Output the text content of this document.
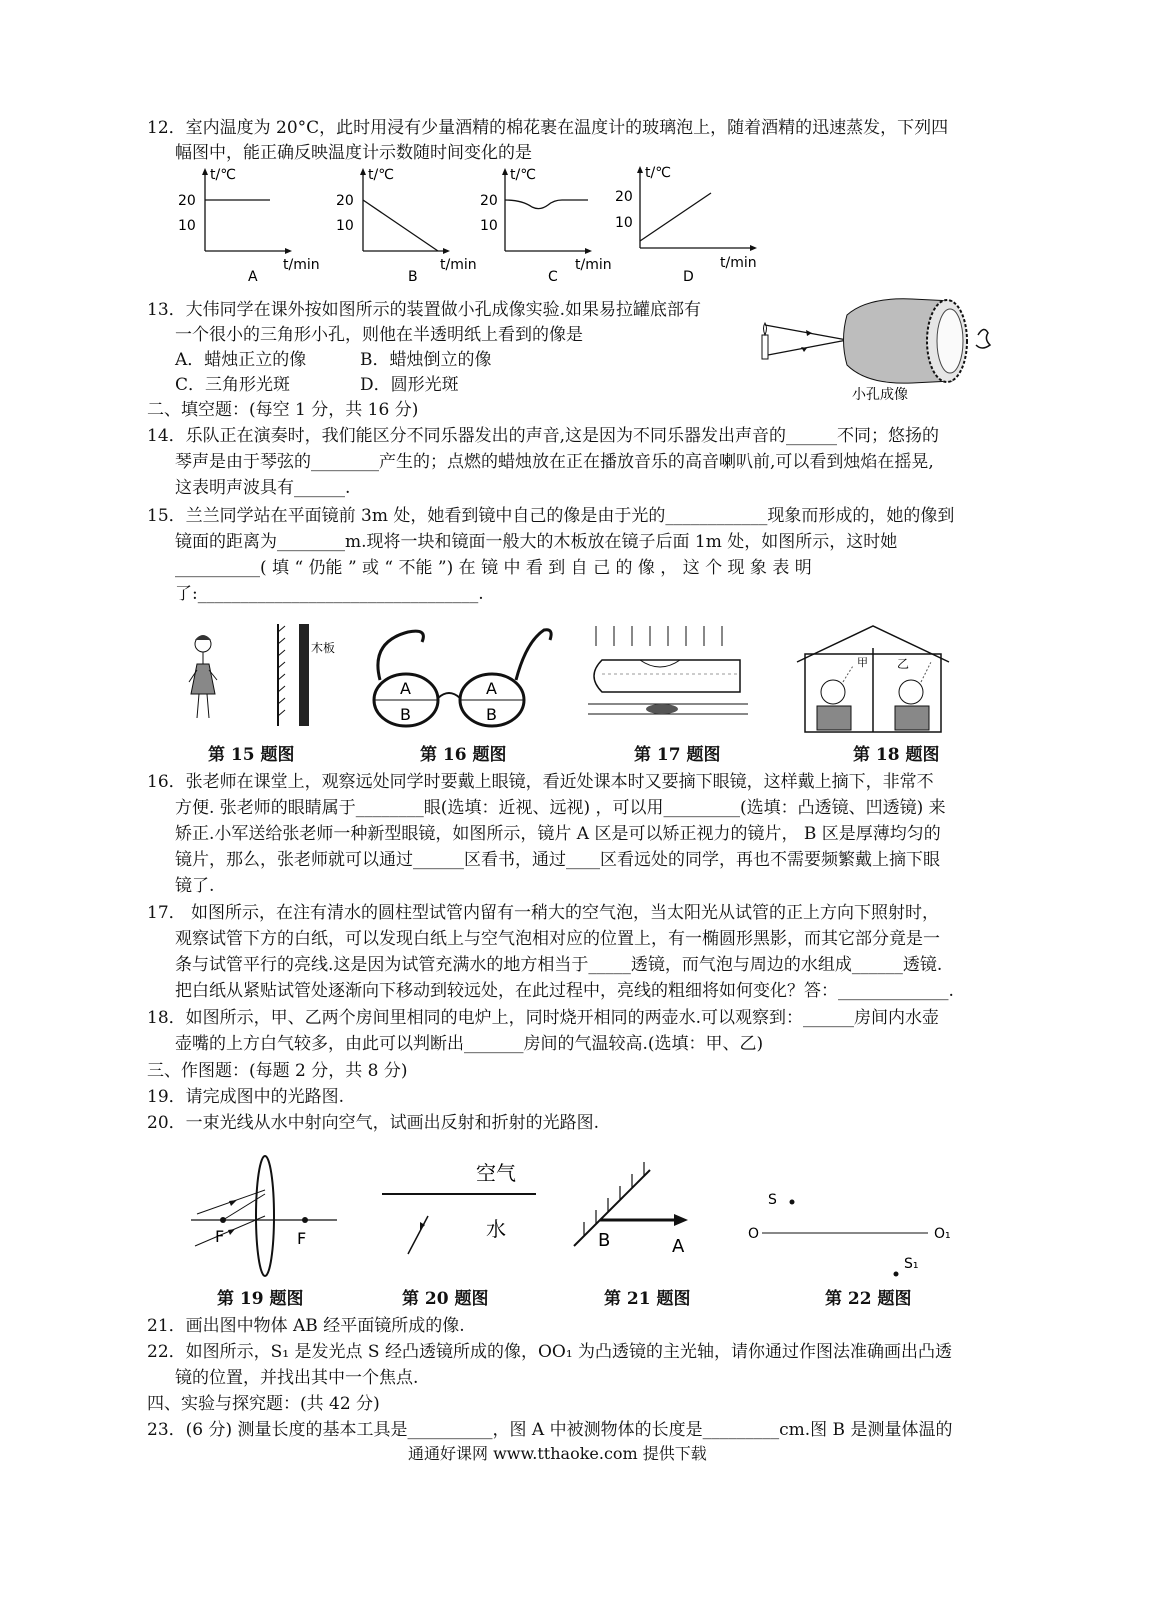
12．室内温度为 20°C，此时用浸有少量酒精的棉花裹在温度计的玻璃泡上，随着酒精的迅速蒸发，下列四
幅图中，能正确反映温度计示数随时间变化的是
20
10
t/℃
t/min
A
20
10
t/℃
t/min
B
20
10
t/℃
t/min
C
20
10
t/℃
t/min
D
13．大伟同学在课外按如图所示的装置做小孔成像实验.如果易拉罐底部有
一个很小的三角形小孔，则他在半透明纸上看到的像是
A．蜡烛正立的像	B．蜡烛倒立的像
C．三角形光斑	D．圆形光斑	小孔成像
二、填空题：(每空 1 分，共 16 分)
14．乐队正在演奏时，我们能区分不同乐器发出的声音,这是因为不同乐器发出声音的______不同；悠扬的
琴声是由于琴弦的________产生的；点燃的蜡烛放在正在播放音乐的高音喇叭前,可以看到烛焰在摇晃,
这表明声波具有______.
15．兰兰同学站在平面镜前 3m 处，她看到镜中自己的像是由于光的____________现象而形成的，她的像到
镜面的距离为________m.现将一块和镜面一般大的木板放在镜子后面 1m 处，如图所示，这时她
__________( 填 “ 仍能 ” 或 “ 不能 ”) 在 镜 中 看 到 自 己 的 像 ， 这 个 现 象 表 明
了:_________________________________.
木板
A
B
A
B
甲 乙
第 15 题图	第 16 题图	第 17 题图	第 18 题图
16．张老师在课堂上，观察远处同学时要戴上眼镜，看近处课本时又要摘下眼镜，这样戴上摘下，非常不
方便. 张老师的眼睛属于________眼(选填：近视、远视) ，可以用_________(选填：凸透镜、凹透镜) 来
矫正.小军送给张老师一种新型眼镜，如图所示，镜片 A 区是可以矫正视力的镜片， B 区是厚薄均匀的
镜片，那么，张老师就可以通过______区看书，通过____区看远处的同学，再也不需要频繁戴上摘下眼
镜了.
17． 如图所示，在注有清水的圆柱型试管内留有一稍大的空气泡，当太阳光从试管的正上方向下照射时，
观察试管下方的白纸，可以发现白纸上与空气泡相对应的位置上，有一椭圆形黑影，而其它部分竟是一
条与试管平行的亮线.这是因为试管充满水的地方相当于_____透镜，而气泡与周边的水组成______透镜.
把白纸从紧贴试管处逐渐向下移动到较远处，在此过程中，亮线的粗细将如何变化？答：_____________.
18．如图所示，甲、乙两个房间里相同的电炉上，同时烧开相同的两壶水.可以观察到：______房间内水壶
壶嘴的上方白气较多，由此可以判断出_______房间的气温较高.(选填：甲、乙)
三、作图题：(每题 2 分，共 8 分)
19．请完成图中的光路图.
20．一束光线从水中射向空气，试画出反射和折射的光路图.
F	F
空气
水	B	A
S
O	O₁
S₁
第 19 题图	第 20 题图	第 21 题图	第 22 题图
21．画出图中物体 AB 经平面镜所成的像.
22．如图所示，S₁ 是发光点 S 经凸透镜所成的像，OO₁ 为凸透镜的主光轴，请你通过作图法准确画出凸透
镜的位置，并找出其中一个焦点.
四、实验与探究题：(共 42 分)
23．(6 分) 测量长度的基本工具是__________，图 A 中被测物体的长度是_________cm.图 B 是测量体温的
通通好课网 www.tthaoke.com 提供下载
